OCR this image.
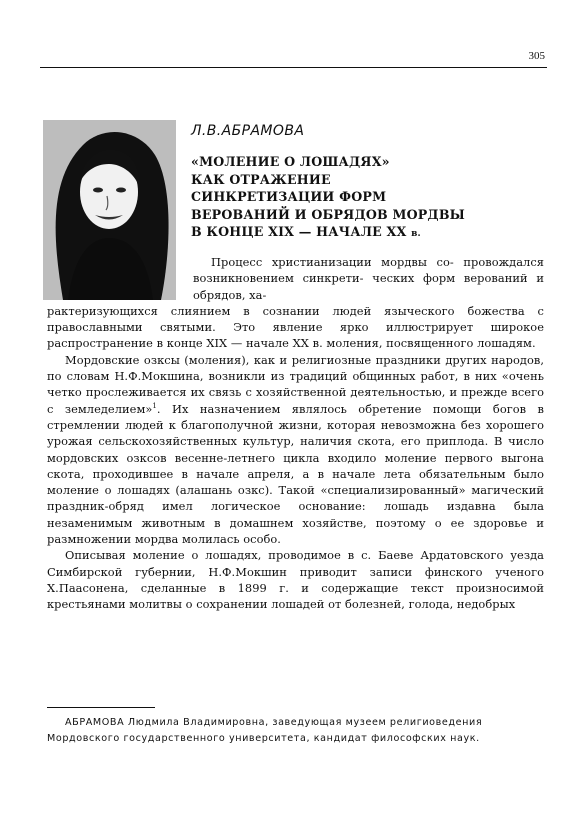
305
Л.В.АБРАМОВА
«МОЛЕНИЕ О ЛОШАДЯХ»
КАК ОТРАЖЕНИЕ
СИНКРЕТИЗАЦИИ ФОРМ
ВЕРОВАНИЙ И ОБРЯДОВ МОРДВЫ
В КОНЦЕ XIX — НАЧАЛЕ XX в.

Процесс христианизации мордвы со- провождался возникновением синкрети- ческих форм верований и обрядов, ха-

рактеризующихся слиянием в сознании людей языческого божества с православными святыми. Это явление ярко иллюстрирует широкое распространение в конце XIX — начале XX в. моления, посвященного лошадям.

Мордовские озксы (моления), как и религиозные праздники других народов, по словам Н.Ф.Мокшина, возникли из традиций общинных работ, в них «очень четко прослеживается их связь с хозяйственной деятельностью, и прежде всего с земледелием»$^1$. Их назначением являлось обретение помощи богов в стремлении людей к благополучной жизни, которая невозможна без хорошего урожая сельскохозяйственных культур, наличия скота, его приплода. В число мордовских озксов весенне-летнего цикла входило моление первого выгона скота, проходившее в начале апреля, а в начале лета обязательным было моление о лошадях (алашань озкс). Такой «специализированный» магический праздник-обряд имел логическое основание: лошадь издавна была незаменимым животным в домашнем хозяйстве, поэтому о ее здоровье и размножении мордва молилась особо.

Описывая моление о лошадях, проводимое в с. Баеве Ардатовского уезда Симбирской губернии, Н.Ф.Мокшин приводит записи финского ученого Х.Паасонена, сделанные в 1899 г. и содержащие текст произносимой крестьянами молитвы о сохранении лошадей от болезней, голода, недобрых

АБРАМОВА Людмила Владимировна, заведующая музеем религиоведения Мордовского государственного университета, кандидат философских наук.
